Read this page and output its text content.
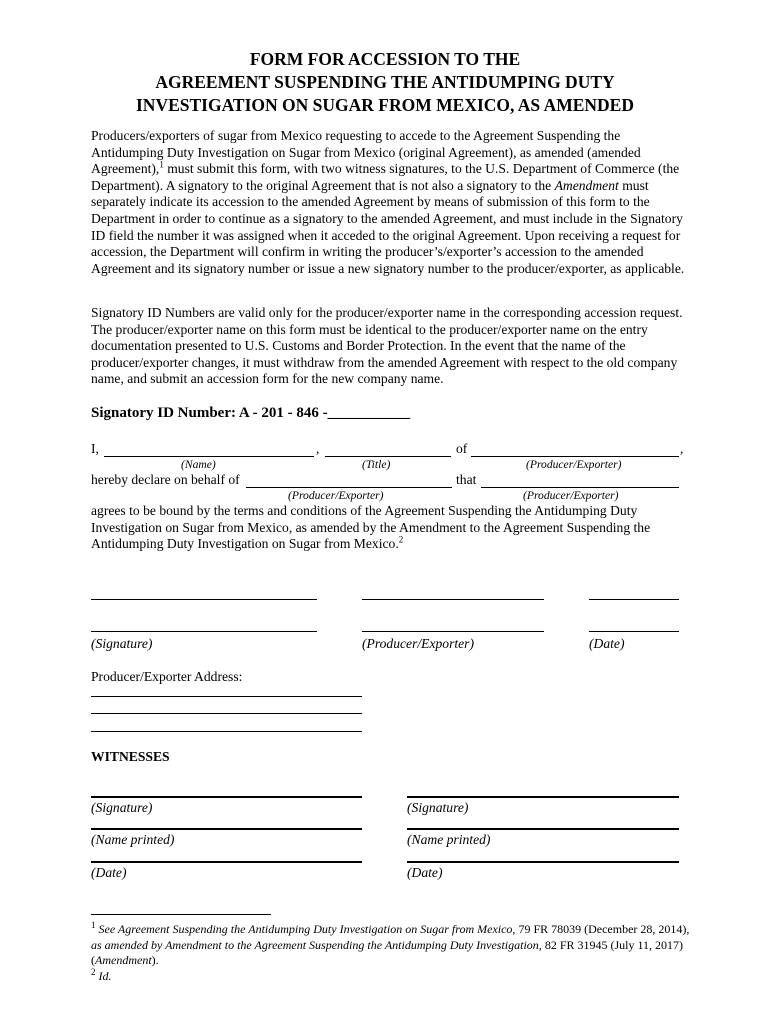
FORM FOR ACCESSION TO THE
AGREEMENT SUSPENDING THE ANTIDUMPING DUTY
INVESTIGATION ON SUGAR FROM MEXICO, AS AMENDED
Producers/exporters of sugar from Mexico requesting to accede to the Agreement Suspending the Antidumping Duty Investigation on Sugar from Mexico (original Agreement), as amended (amended Agreement),$^1$ must submit this form, with two witness signatures, to the U.S. Department of Commerce (the Department). A signatory to the original Agreement that is not also a signatory to the Amendment must separately indicate its accession to the amended Agreement by means of submission of this form to the Department in order to continue as a signatory to the amended Agreement, and must include in the Signatory ID field the number it was assigned when it acceded to the original Agreement. Upon receiving a request for accession, the Department will confirm in writing the producer’s/exporter’s accession to the amended Agreement and its signatory number or issue a new signatory number to the producer/exporter, as applicable.
Signatory ID Numbers are valid only for the producer/exporter name in the corresponding accession request. The producer/exporter name on this form must be identical to the producer/exporter name on the entry documentation presented to U.S. Customs and Border Protection. In the event that the name of the producer/exporter changes, it must withdraw from the amended Agreement with respect to the old company name, and submit an accession form for the new company name.
Signatory ID Number: A - 201 - 846 -___________
I,	,	of	,
(Name)	(Title)	(Producer/Exporter)
hereby declare on behalf of	that
(Producer/Exporter)	(Producer/Exporter)
agrees to be bound by the terms and conditions of the Agreement Suspending the Antidumping Duty Investigation on Sugar from Mexico, as amended by the Amendment to the Agreement Suspending the Antidumping Duty Investigation on Sugar from Mexico.$^2$
(Signature)	(Producer/Exporter)	(Date)
Producer/Exporter Address:
WITNESSES
(Signature)	(Signature)
(Name printed)	(Name printed)
(Date)	(Date)
$^1$ See Agreement Suspending the Antidumping Duty Investigation on Sugar from Mexico, 79 FR 78039 (December 28, 2014), as amended by Amendment to the Agreement Suspending the Antidumping Duty Investigation, 82 FR 31945 (July 11, 2017) (Amendment).
$^2$ Id.
